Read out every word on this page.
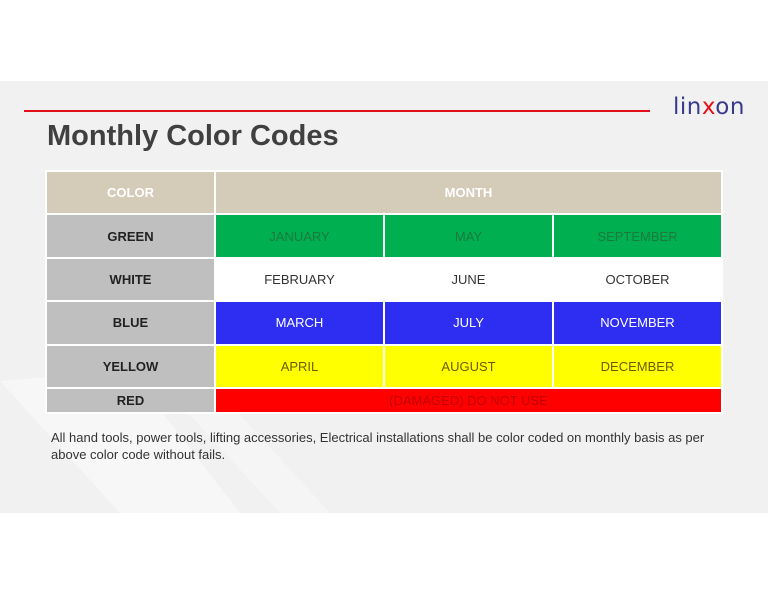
linxon
Monthly Color Codes
COLOR	MONTH		
GREEN	JANUARY	MAY	SEPTEMBER
WHITE	FEBRUARY	JUNE	OCTOBER
BLUE	MARCH	JULY	NOVEMBER
YELLOW	APRIL	AUGUST	DECEMBER
RED	(DAMAGED) DO NOT USE		

All hand tools, power tools, lifting accessories, Electrical installations shall be color coded on monthly basis as per above color code without fails.
